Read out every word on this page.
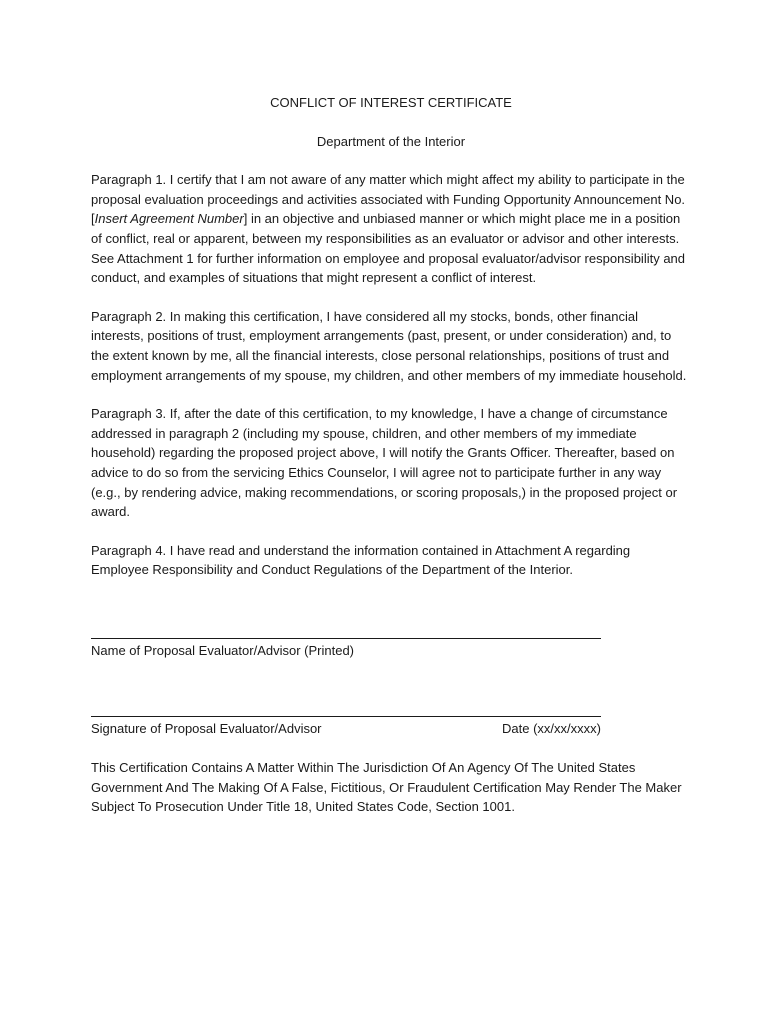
CONFLICT OF INTEREST CERTIFICATE
Department of the Interior

Paragraph 1. I certify that I am not aware of any matter which might affect my ability to participate in the proposal evaluation proceedings and activities associated with Funding Opportunity Announcement No. [Insert Agreement Number] in an objective and unbiased manner or which might place me in a position of conflict, real or apparent, between my responsibilities as an evaluator or advisor and other interests. See Attachment 1 for further information on employee and proposal evaluator/advisor responsibility and conduct, and examples of situations that might represent a conflict of interest.

Paragraph 2. In making this certification, I have considered all my stocks, bonds, other financial interests, positions of trust, employment arrangements (past, present, or under consideration) and, to the extent known by me, all the financial interests, close personal relationships, positions of trust and employment arrangements of my spouse, my children, and other members of my immediate household.

Paragraph 3. If, after the date of this certification, to my knowledge, I have a change of circumstance addressed in paragraph 2 (including my spouse, children, and other members of my immediate household) regarding the proposed project above, I will notify the Grants Officer. Thereafter, based on advice to do so from the servicing Ethics Counselor, I will agree not to participate further in any way (e.g., by rendering advice, making recommendations, or scoring proposals,) in the proposed project or award.

Paragraph 4. I have read and understand the information contained in Attachment A regarding Employee Responsibility and Conduct Regulations of the Department of the Interior.

Name of Proposal Evaluator/Advisor (Printed)
Signature of Proposal Evaluator/Advisor	Date (xx/xx/xxxx)

This Certification Contains A Matter Within The Jurisdiction Of An Agency Of The United States Government And The Making Of A False, Fictitious, Or Fraudulent Certification May Render The Maker Subject To Prosecution Under Title 18, United States Code, Section 1001.
